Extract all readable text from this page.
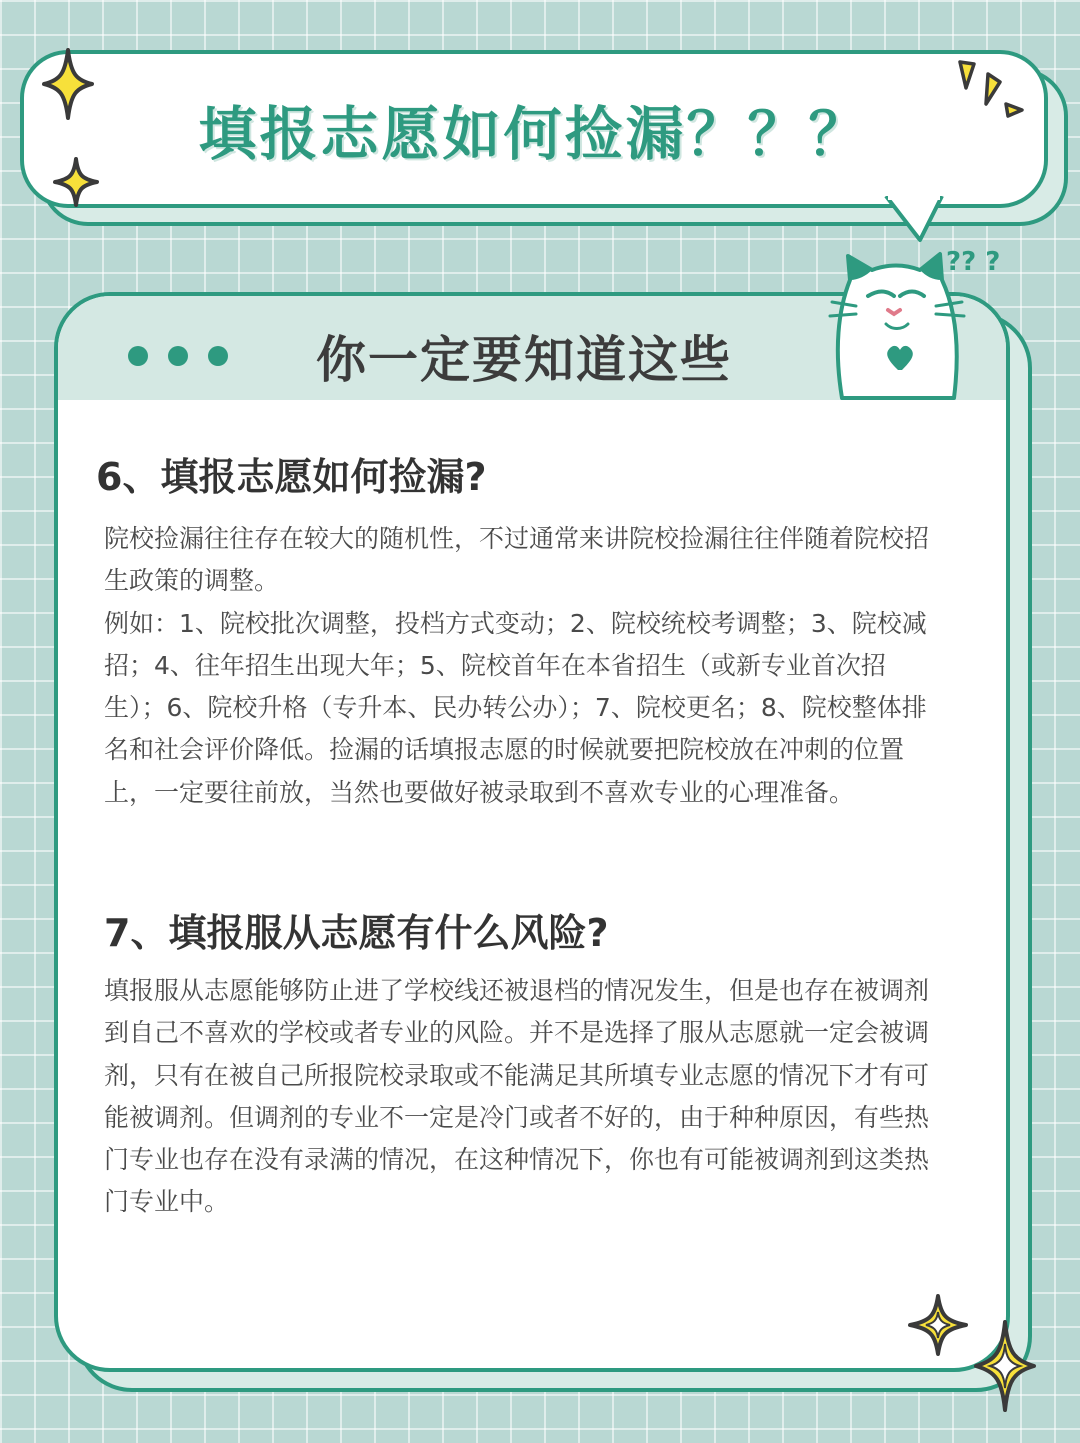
填报志愿如何捡漏？？？
你一定要知道这些
6、填报志愿如何捡漏?

院校捡漏往往存在较大的随机性，不过通常来讲院校捡漏往往伴随着院校招生政策的调整。

例如：1、院校批次调整，投档方式变动；2、院校统校考调整；3、院校减招；4、往年招生出现大年；5、院校首年在本省招生（或新专业首次招生）；6、院校升格（专升本、民办转公办）；7、院校更名；8、院校整体排名和社会评价降低。捡漏的话填报志愿的时候就要把院校放在冲刺的位置上，一定要往前放，当然也要做好被录取到不喜欢专业的心理准备。

7、填报服从志愿有什么风险?

填报服从志愿能够防止进了学校线还被退档的情况发生，但是也存在被调剂到自己不喜欢的学校或者专业的风险。并不是选择了服从志愿就一定会被调剂，只有在被自己所报院校录取或不能满足其所填专业志愿的情况下才有可能被调剂。但调剂的专业不一定是冷门或者不好的，由于种种原因，有些热门专业也存在没有录满的情况，在这种情况下，你也有可能被调剂到这类热门专业中。

?? ?
